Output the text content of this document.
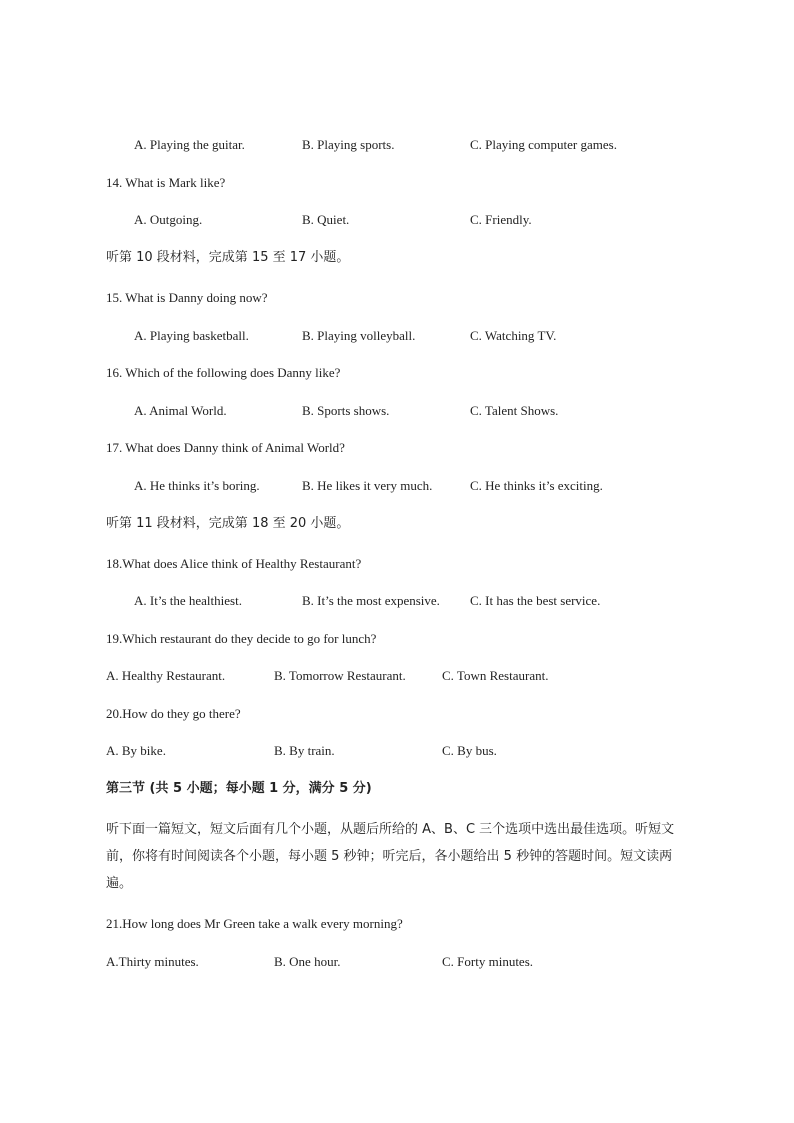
A. Playing the guitar.	B. Playing sports.	C. Playing computer games.
14. What is Mark like?
A. Outgoing.	B. Quiet.	C. Friendly.
听第 10 段材料，完成第 15 至 17 小题。
15. What is Danny doing now?
A. Playing basketball.	B. Playing volleyball.	C. Watching TV.
16. Which of the following does Danny like?
A. Animal World.	B. Sports shows.	C. Talent Shows.
17. What does Danny think of Animal World?
A. He thinks it’s boring.	B. He likes it very much.	C. He thinks it’s exciting.
听第 11 段材料，完成第 18 至 20 小题。
18.What does Alice think of Healthy Restaurant?
A. It’s the healthiest.	B. It’s the most expensive. C. It has the best service.
19.Which restaurant do they decide to go for lunch?
A. Healthy Restaurant.	B. Tomorrow Restaurant.	C. Town Restaurant.
20.How do they go there?
A. By bike.	B. By train.	C. By bus.
第三节 (共 5 小题；每小题 1 分，满分 5 分)
听下面一篇短文，短文后面有几个小题，从题后所给的 A、B、C 三个选项中选出最佳选项。听短文前，你将有时间阅读各个小题，每小题 5 秒钟；听完后，各小题给出 5 秒钟的答题时间。短文读两遍。
21.How long does Mr Green take a walk every morning?
A.Thirty minutes.	B. One hour.	C. Forty minutes.
